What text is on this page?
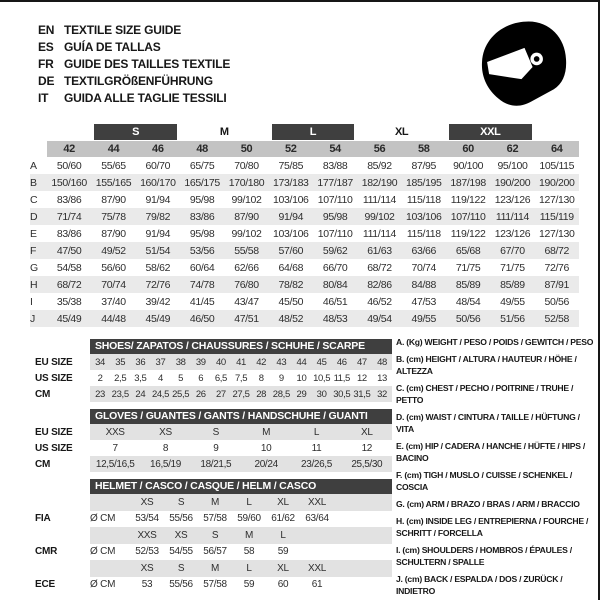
EN TEXTILE SIZE GUIDE
ES GUÍA DE TALLAS
FR GUIDE DES TAILLES TEXTILE
DE TEXTILGRÖßENFÜHRUNG
IT	GUIDA ALLE TAGLIE TESSILI
S	M	L	XL	XXL
42	44	46	48	50	52	54	56	58	60	62	64
A	50/60	55/65	60/70	65/75	70/80	75/85	83/88	85/92	87/95	90/100	95/100	105/115
B	150/160 155/165 160/170 165/175 170/180 173/183 177/187 182/190 185/195 187/198 190/200 190/200
C	83/86	87/90	91/94	95/98	99/102	103/106 107/110 111/114	115/118 119/122 123/126 127/130
D	71/74	75/78	79/82	83/86	87/90	91/94	95/98	99/102	103/106 107/110 111/114	115/119
E	83/86	87/90	91/94	95/98	99/102	103/106 107/110 111/114	115/118 119/122 123/126 127/130
F	47/50	49/52	51/54	53/56	55/58	57/60	59/62	61/63	63/66	65/68	67/70	68/72
G	54/58	56/60	58/62	60/64	62/66	64/68	66/70	68/72	70/74	71/75	71/75	72/76
H	68/72	70/74	72/76	74/78	76/80	78/82	80/84	82/86	84/88	85/89	85/89	87/91
I	35/38	37/40	39/42	41/45	43/47	45/50	46/51	46/52	47/53	48/54	49/55	50/56
J	45/49	44/48	45/49	46/50	47/51	48/52	48/53	49/54	49/55	50/56	51/56	52/58
SHOES/ ZAPATOS / CHAUSSURES / SCHUHE / SCARPE
EU SIZE	34	35	36	37	38	39	40	41	42	43	44	45	46	47	48
US SIZE	2	2,5 3,5	4	5	6	6,5 7,5	8	9	10 10,5 11,5 12	13
CM	23 23,5 24 24,5 25,5 26	27 27,5 28 28,5 29	30 30,5 31,5 32
GLOVES / GUANTES / GANTS / HANDSCHUHE / GUANTI
EU SIZE	XXS	XS	S	M	L	XL
US SIZE	7	8	9	10	11	12
CM	12,5/16,5	16,5/19	18/21,5	20/24	23/26,5	25,5/30
HELMET / CASCO / CASQUE / HELM / CASCO
XS	S	M	L	XL	XXL
FIA	Ø CM	53/54	55/56	57/58	59/60	61/62	63/64
XXS	XS	S	M	L
CMR	Ø CM	52/53	54/55	56/57	58	59
XS	S	M	L	XL	XXL
ECE	Ø CM	53	55/56	57/58	59	60	61
A. (Kg) WEIGHT / PESO / POIDS / GEWITCH / PESO
B. (cm) HEIGHT / ALTURA / HAUTEUR / HÖHE / ALTEZZA
C. (cm) CHEST / PECHO / POITRINE / TRUHE / PETTO
D. (cm) WAIST / CINTURA / TAILLE / HÜFTUNG / VITA
E. (cm) HIP / CADERA / HANCHE / HÜFTE / HIPS / BACINO
F. (cm) TIGH / MUSLO / CUISSE / SCHENKEL / COSCIA
G. (cm) ARM / BRAZO / BRAS / ARM / BRACCIO
H. (cm) INSIDE LEG / ENTREPIERNA / FOURCHE / SCHRITT / FORCELLA
I. (cm) SHOULDERS / HOMBROS / ÉPAULES / SCHULTERN / SPALLE
J. (cm) BACK / ESPALDA / DOS / ZURÜCK / INDIETRO
